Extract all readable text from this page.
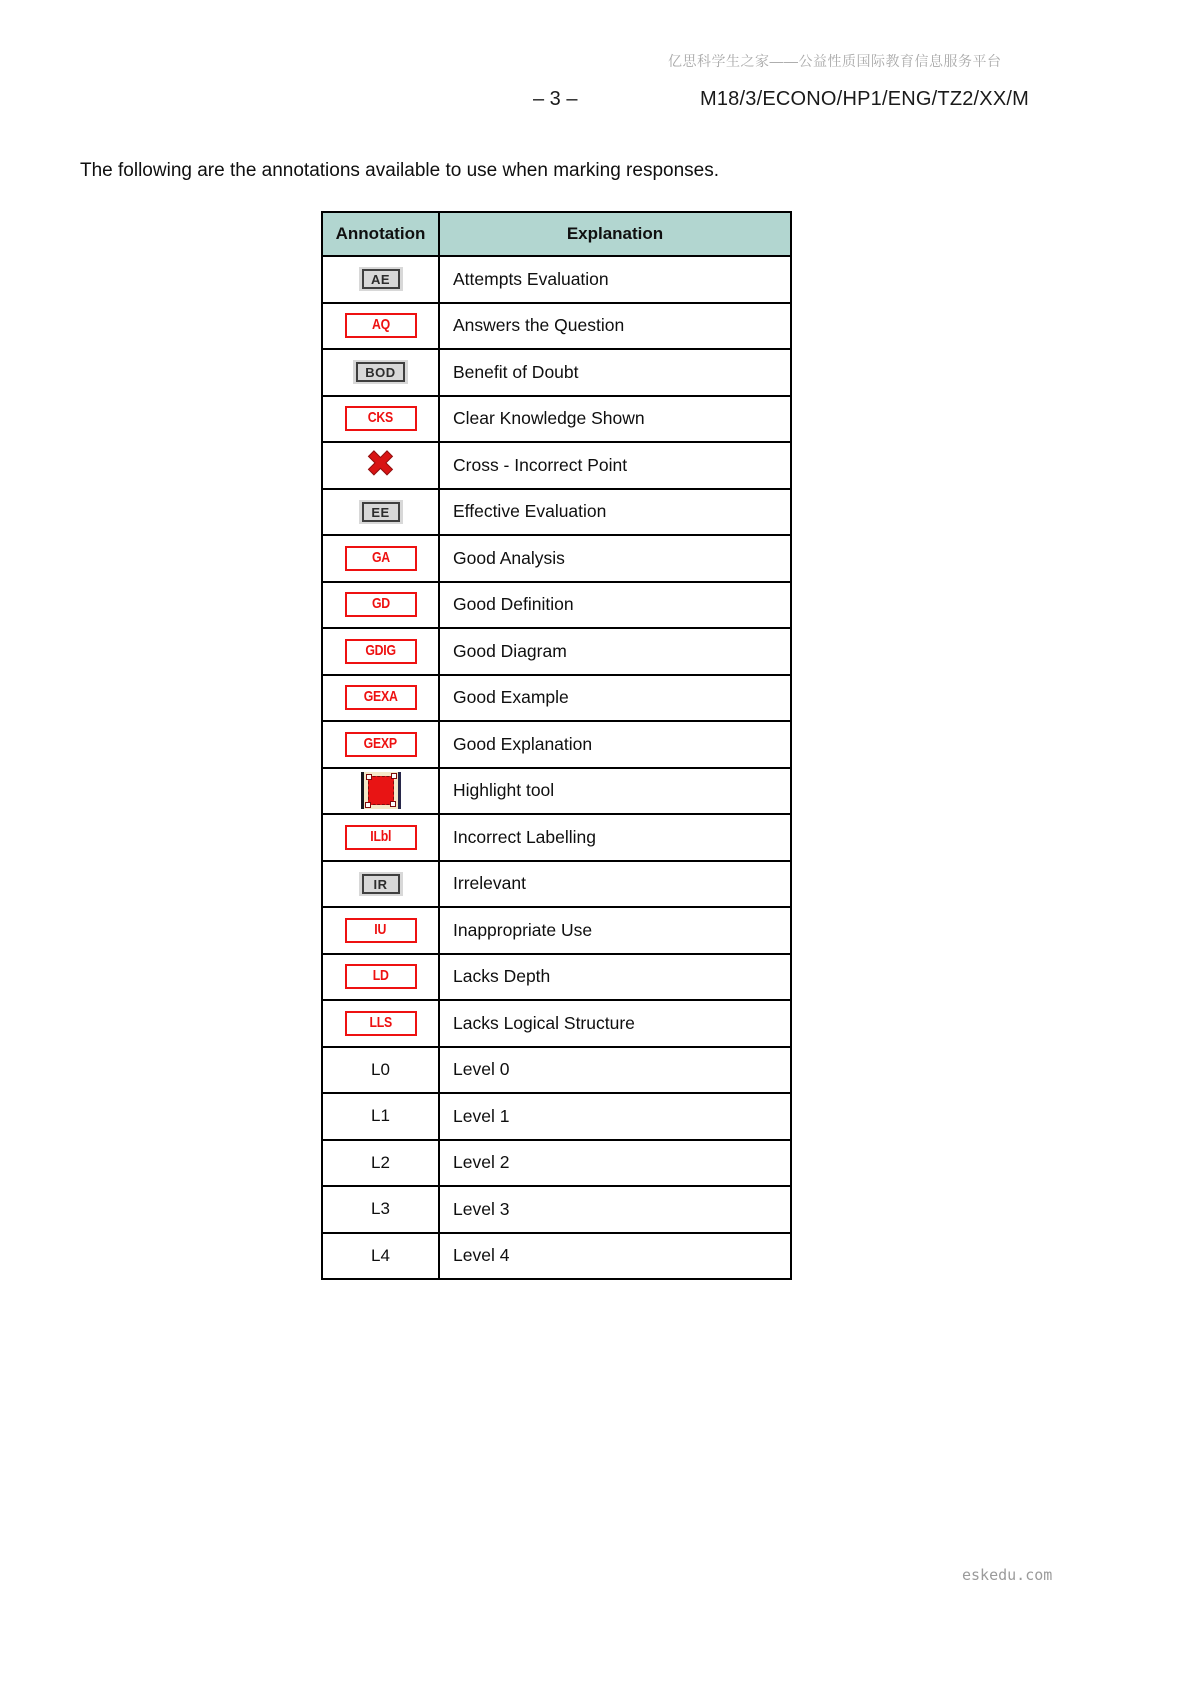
亿思科学生之家——公益性质国际教育信息服务平台
– 3 –	M18/3/ECONO/HP1/ENG/TZ2/XX/M
The following are the annotations available to use when marking responses.
Annotation	Explanation

AE	Attempts Evaluation
AQ	Answers the Question

BOD	Benefit of Doubt
CKS	Clear Knowledge Shown
✖	Cross - Incorrect Point

EE	Effective Evaluation
GA	Good Analysis
GD	Good Definition
GDIG	Good Diagram
GEXA	Good Example
GEXP	Good Explanation

	Highlight tool
ILbl	Incorrect Labelling

IR	Irrelevant
IU	Inappropriate Use
LD	Lacks Depth
LLS	Lacks Logical Structure
L0	Level 0
L1	Level 1
L2	Level 2
L3	Level 3
L4	Level 4
eskedu.com
